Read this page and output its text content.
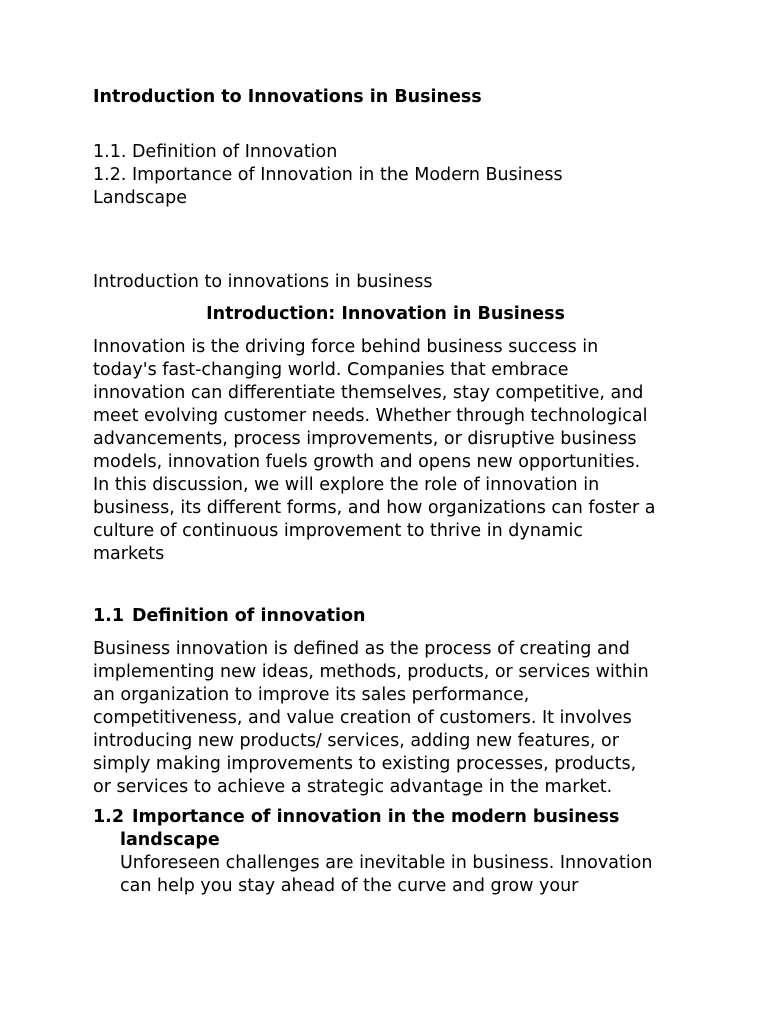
Introduction to Innovations in Business
1.1. Definition of Innovation
1.2. Importance of Innovation in the Modern Business
Landscape
Introduction to innovations in business
Introduction: Innovation in Business
Innovation is the driving force behind business success in
today's fast-changing world. Companies that embrace
innovation can differentiate themselves, stay competitive, and
meet evolving customer needs. Whether through technological
advancements, process improvements, or disruptive business
models, innovation fuels growth and opens new opportunities.
In this discussion, we will explore the role of innovation in
business, its different forms, and how organizations can foster a
culture of continuous improvement to thrive in dynamic
markets
1.1 Definition of innovation
Business innovation is defined as the process of creating and
implementing new ideas, methods, products, or services within
an organization to improve its sales performance,
competitiveness, and value creation of customers. It involves
introducing new products/ services, adding new features, or
simply making improvements to existing processes, products,
or services to achieve a strategic advantage in the market.
1.2 Importance of innovation in the modern business
landscape
Unforeseen challenges are inevitable in business. Innovation
can help you stay ahead of the curve and grow your
